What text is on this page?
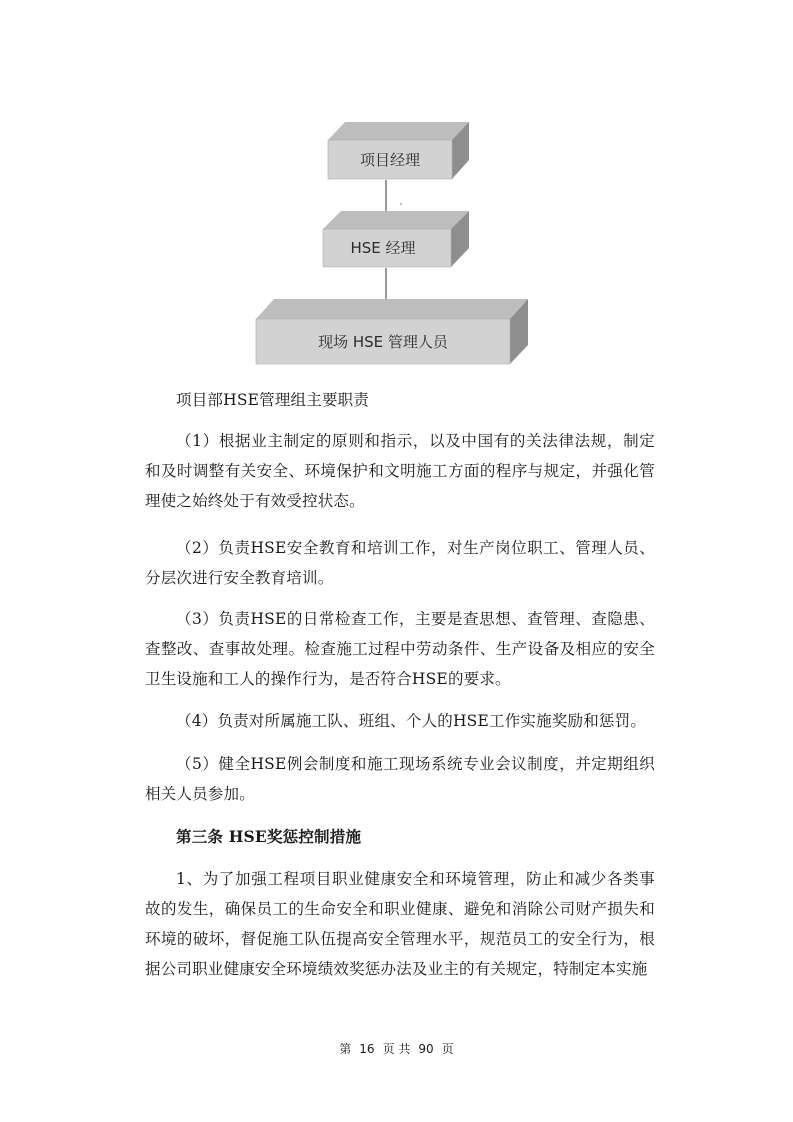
项目经理
HSE 经理
现场 HSE 管理人员

项目部HSE管理组主要职责

（1）根据业主制定的原则和指示，以及中国有的关法律法规，制定和及时调整有关安全、环境保护和文明施工方面的程序与规定，并强化管理使之始终处于有效受控状态。

（2）负责HSE安全教育和培训工作，对生产岗位职工、管理人员、分层次进行安全教育培训。

（3）负责HSE的日常检查工作，主要是查思想、查管理、查隐患、查整改、查事故处理。检查施工过程中劳动条件、生产设备及相应的安全卫生设施和工人的操作行为，是否符合HSE的要求。

（4）负责对所属施工队、班组、个人的HSE工作实施奖励和惩罚。

（5）健全HSE例会制度和施工现场系统专业会议制度，并定期组织相关人员参加。

第三条 HSE奖惩控制措施

1、为了加强工程项目职业健康安全和环境管理，防止和减少各类事故的发生，确保员工的生命安全和职业健康、避免和消除公司财产损失和环境的破坏，督促施工队伍提高安全管理水平，规范员工的安全行为，根据公司职业健康安全环境绩效奖惩办法及业主的有关规定，特制定本实施

第 16 页 共 90 页
